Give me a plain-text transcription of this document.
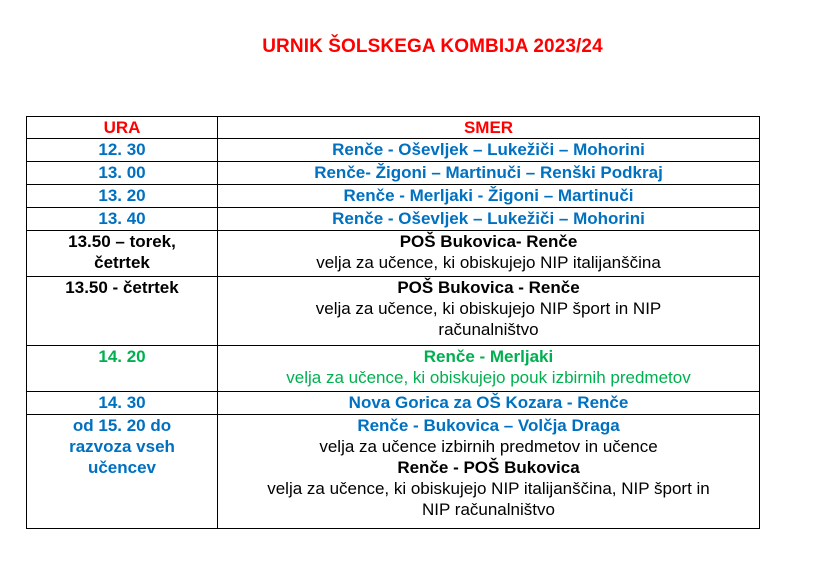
URNIK ŠOLSKEGA KOMBIJA 2023/24
URA	SMER
12. 30	Renče - Oševljek – Lukežiči – Mohorini
13. 00	Renče- Žigoni – Martinuči – Renški Podkraj
13. 20	Renče - Merljaki - Žigoni – Martinuči
13. 40	Renče - Oševljek – Lukežiči – Mohorini

13.50 – torek,
četrtek	POŠ Bukovica- Renče
velja za učence, ki obiskujejo NIP italijanščina

13.50 - četrtek	POŠ Bukovica - Renče
velja za učence, ki obiskujejo NIP šport in NIP
računalništvo

14. 20	Renče - Merljaki
velja za učence, ki obiskujejo pouk izbirnih predmetov

14. 30	Nova Gorica za OŠ Kozara - Renče

od 15. 20 do
razvoza vseh
učencev	Renče - Bukovica – Volčja Draga
velja za učence izbirnih predmetov in učence
Renče - POŠ Bukovica
velja za učence, ki obiskujejo NIP italijanščina, NIP šport in
NIP računalništvo
